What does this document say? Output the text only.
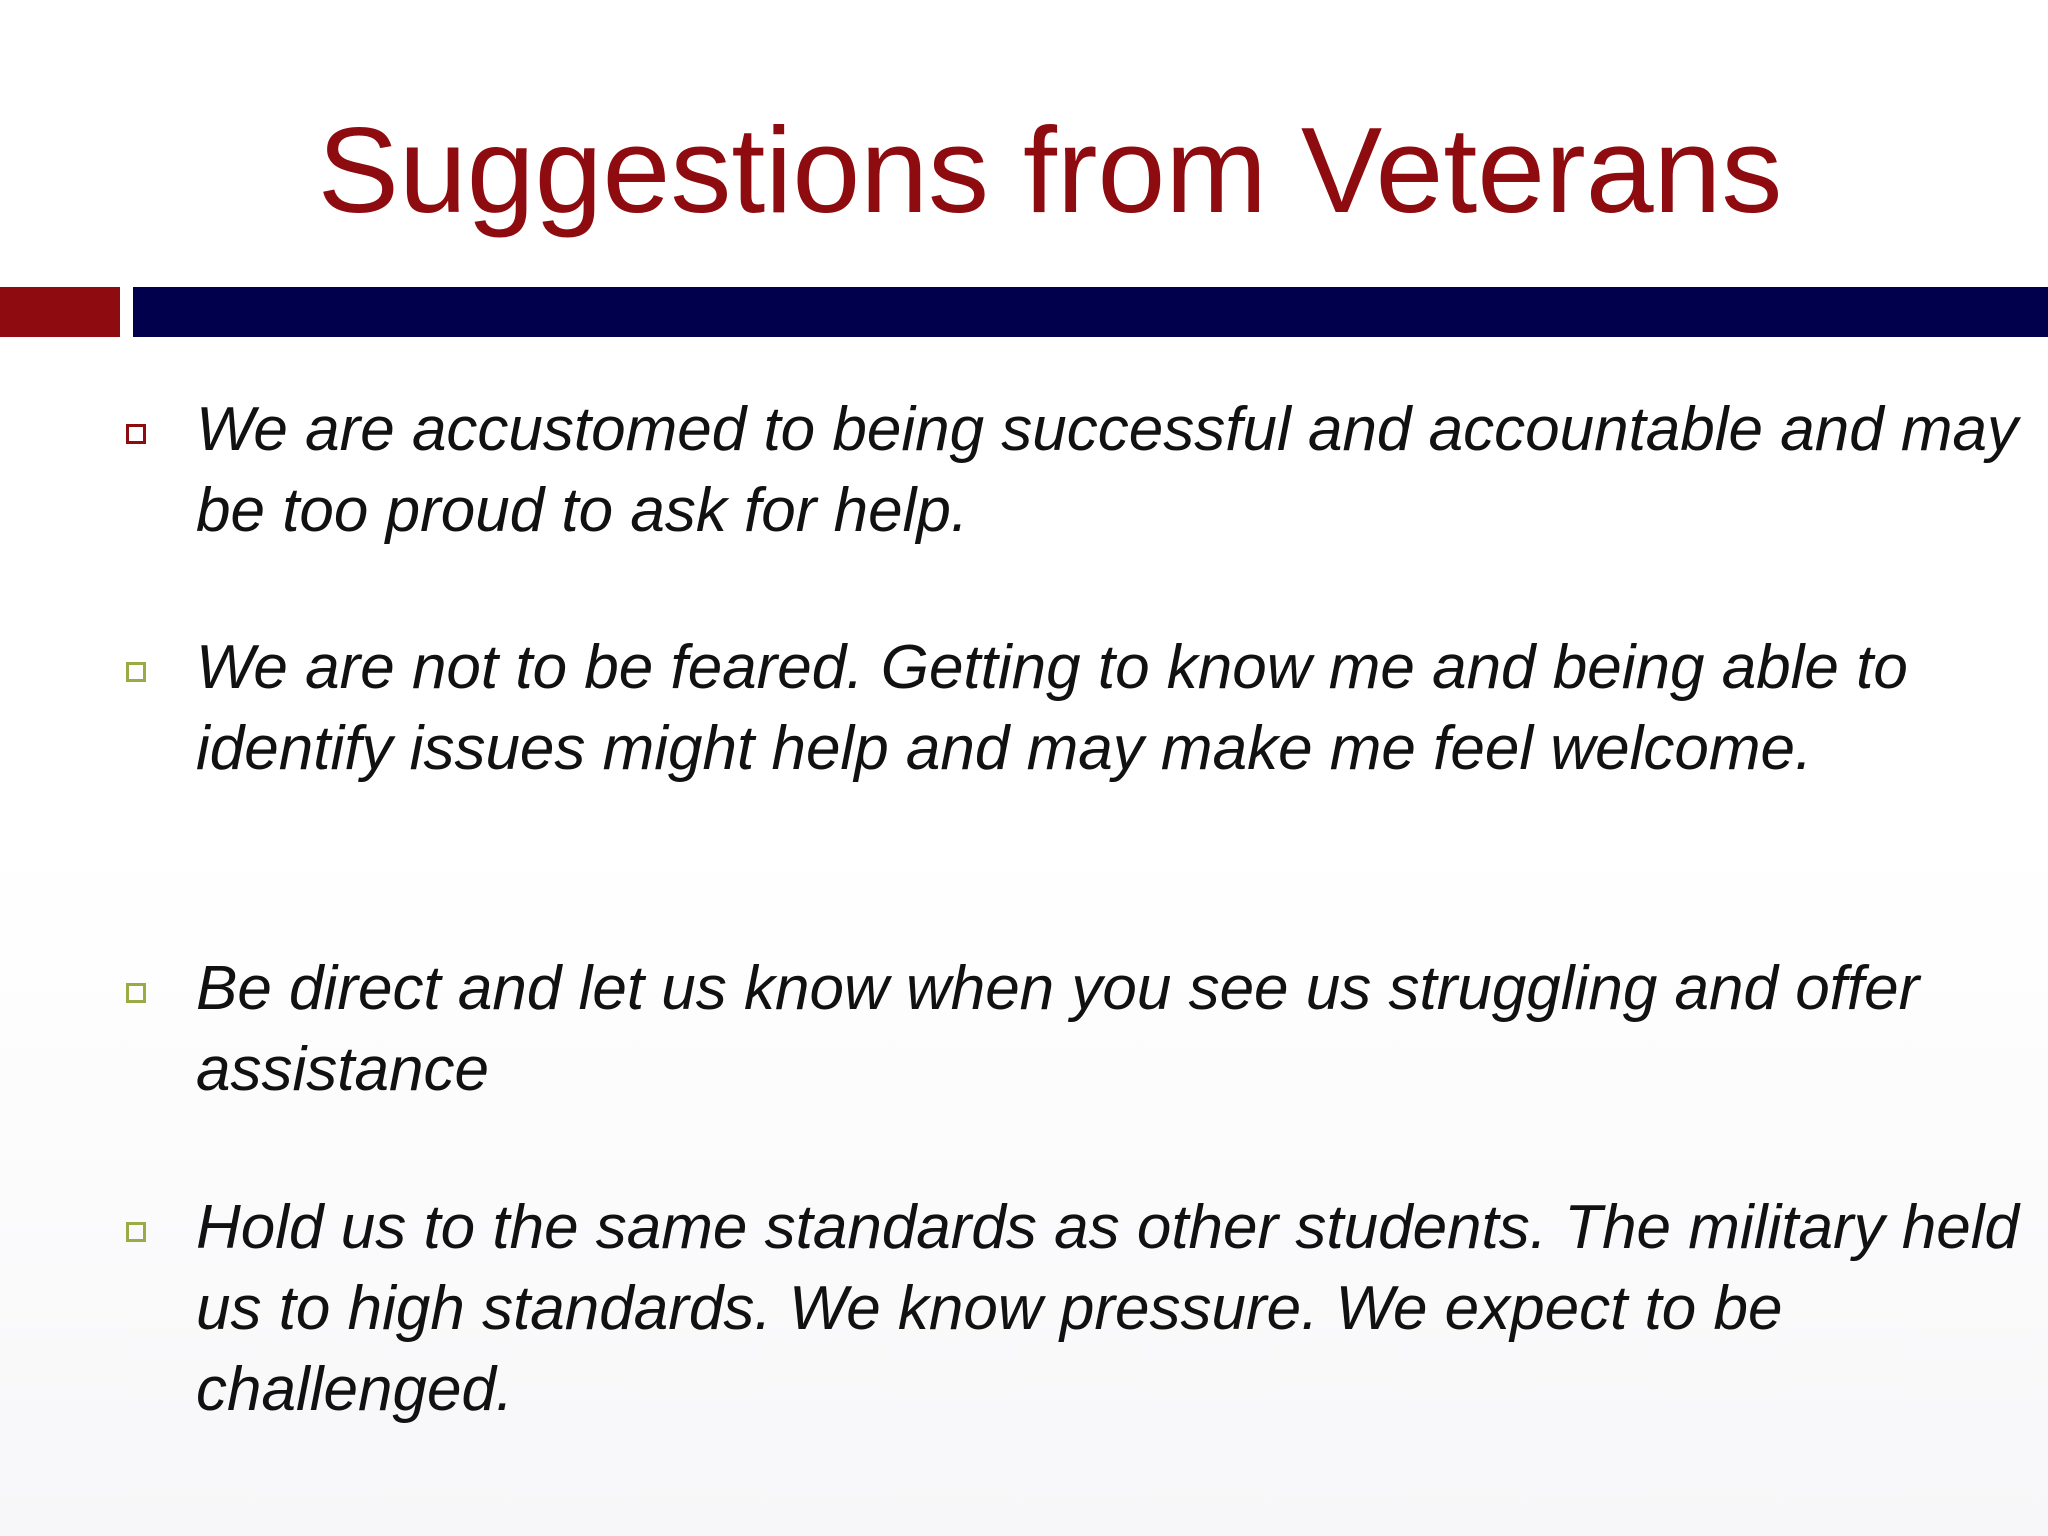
Suggestions from Veterans

We are accustomed to being successful and accountable and may be too proud to ask for help.

We are not to be feared. Getting to know me and being able to identify issues might help and may make me feel welcome.

Be direct and let us know when you see us struggling and offer assistance

Hold us to the same standards as other students. The military held us to high standards. We know pressure. We expect to be challenged.
